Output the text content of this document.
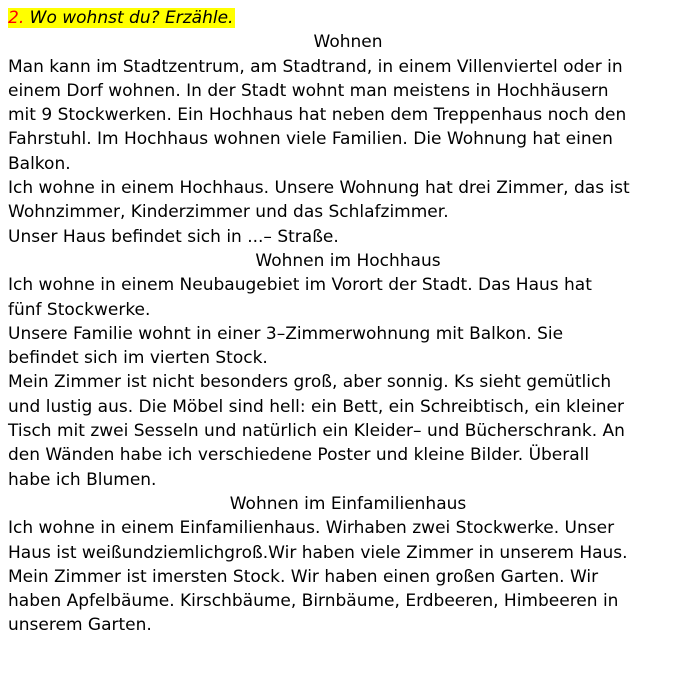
2. Wo wohnst du? Erzähle.
Wohnen
Man kann im Stadtzentrum, am Stadtrand, in einem Villenviertel oder in
einem Dorf wohnen. In der Stadt wohnt man meistens in Hochhäusern
mit 9 Stockwerken. Ein Hochhaus hat neben dem Treppenhaus noch den
Fahrstuhl. Im Hochhaus wohnen viele Familien. Die Wohnung hat einen
Balkon.
Ich wohne in einem Hochhaus. Unsere Wohnung hat drei Zimmer, das ist
Wohnzimmer, Kinderzimmer und das Schlafzimmer.
Unser Haus befindet sich in ...– Straße.
Wohnen im Hochhaus
Ich wohne in einem Neubaugebiet im Vorort der Stadt. Das Haus hat
fünf Stockwerke.
Unsere Familie wohnt in einer 3–Zimmerwohnung mit Balkon. Sie
befindet sich im vierten Stock.
Mein Zimmer ist nicht besonders groß, aber sonnig. Ks sieht gemütlich
und lustig aus. Die Möbel sind hell: ein Bett, ein Schreibtisch, ein kleiner
Tisch mit zwei Sesseln und natürlich ein Kleider– und Bücherschrank. An
den Wänden habe ich verschiedene Poster und kleine Bilder. Überall
habe ich Blumen.
Wohnen im Einfamilienhaus
Ich wohne in einem Einfamilienhaus. Wirhaben zwei Stockwerke. Unser
Haus ist weißundziemlichgroß.Wir haben viele Zimmer in unserem Haus.
Mein Zimmer ist imersten Stock. Wir haben einen großen Garten. Wir
haben Apfelbäume. Kirschbäume, Birnbäume, Erdbeeren, Himbeeren in
unserem Garten.
